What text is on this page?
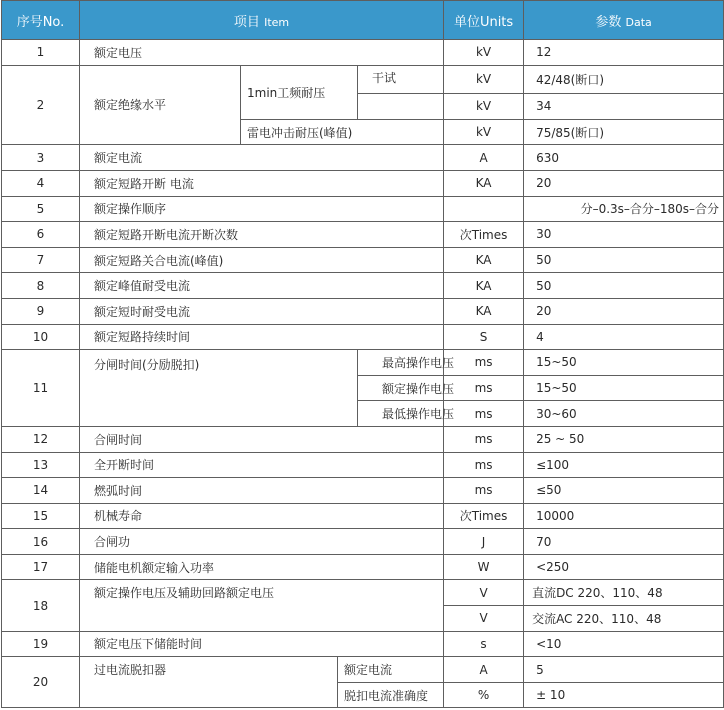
序号No.	项目 Item				单位Units	参数 Data
1	额定电压				kV	12
2	额定绝缘水平	1min工频耐压		干试	kV	42/48(断口)
					kV	34
		雷电冲击耐压(峰值)			kV	75/85(断口)
3	额定电流				A	630
4	额定短路开断 电流				KA	20
5	额定操作顺序					分–0.3s–合分–180s–合分
6	额定短路开断电流开断次数				次Times	30
7	额定短路关合电流(峰值)				KA	50
8	额定峰值耐受电流				KA	50
9	额定短时耐受电流				KA	20
10	额定短路持续时间				S	4
11	分闸时间(分励脱扣)			最高操作电压	ms	15~50
				额定操作电压	ms	15~50
				最低操作电压	ms	30~60
12	合闸时间				ms	25 ~ 50
13	全开断时间				ms	≤100
14	燃弧时间				ms	≤50
15	机械寿命				次Times	10000
16	合闸功				J	70
17	储能电机额定输入功率				W	<250
18	额定操作电压及辅助回路额定电压				V	直流DC 220、110、48
					V	交流AC 220、110、48
19	额定电压下储能时间				s	<10
20	过电流脱扣器		额定电流		A	5
			脱扣电流准确度		%	± 10
